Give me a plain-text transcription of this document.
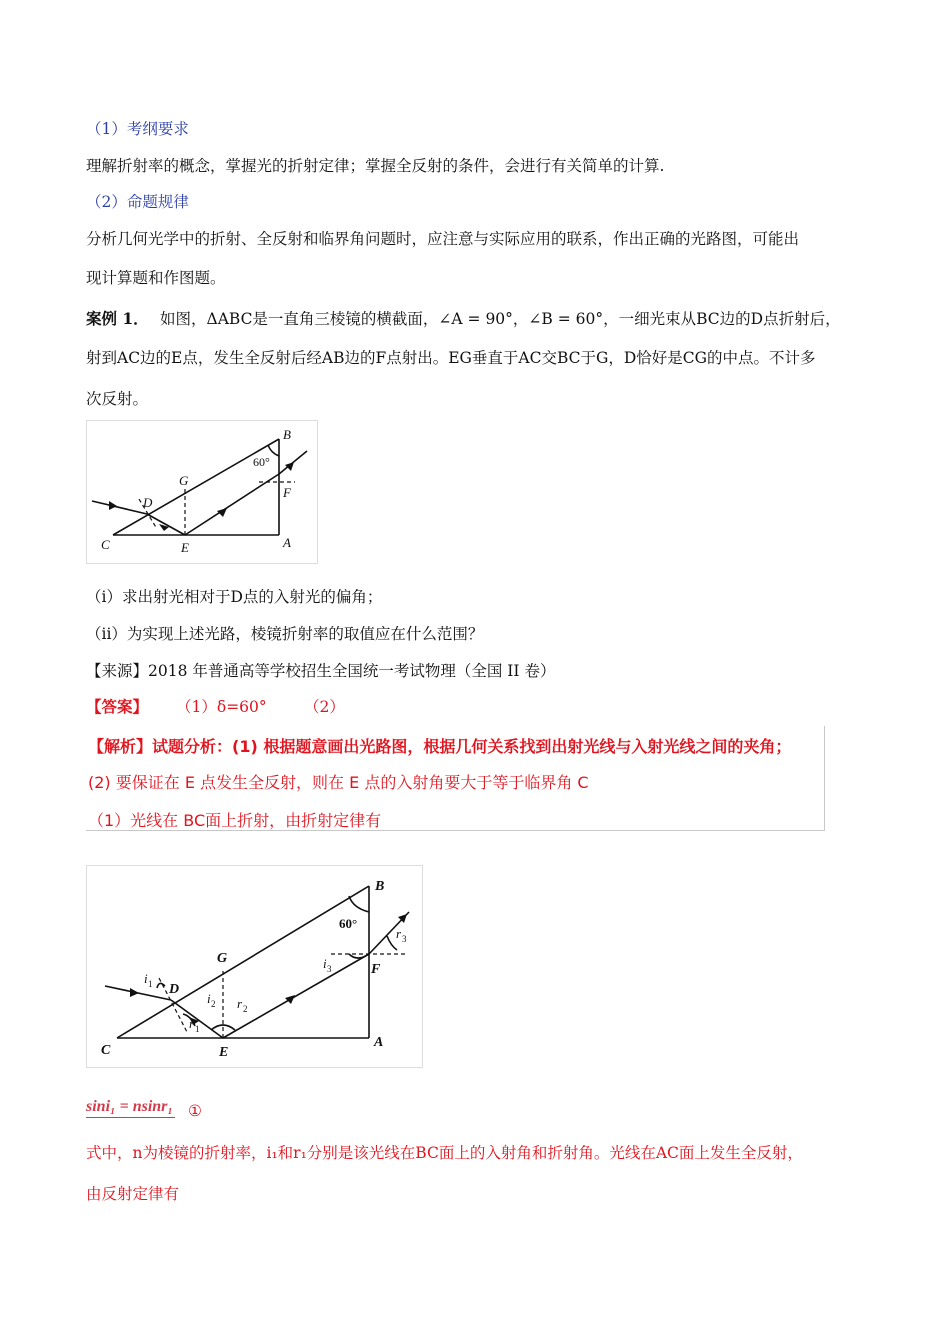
（1）考纲要求
理解折射率的概念，掌握光的折射定律；掌握全反射的条件，会进行有关简单的计算.
（2）命题规律
分析几何光学中的折射、全反射和临界角问题时，应注意与实际应用的联系，作出正确的光路图，可能出
现计算题和作图题。
案例 1． 如图，ΔABC是一直角三棱镜的横截面，∠A = 90°，∠B = 60°，一细光束从BC边的D点折射后，
射到AC边的E点，发生全反射后经AB边的F点射出。EG垂直于AC交BC于G，D恰好是CG的中点。不计多
次反射。
C	E	A
B
G
F
D
60°
（i）求出射光相对于D点的入射光的偏角；
（ii）为实现上述光路，棱镜折射率的取值应在什么范围？
【来源】2018 年普通高等学校招生全国统一考试物理（全国 II 卷）
【答案】 （1）δ=60° （2）
【解析】试题分析：(1) 根据题意画出光路图，根据几何关系找到出射光线与入射光线之间的夹角；
(2) 要保证在 E 点发生全反射，则在 E 点的入射角要大于等于临界角 C
（1）光线在 BC面上折射，由折射定律有
C	E
A
B
G
F
D
60°
i 1
r 1
i 2 r 2
i 3
r 3
sini₁ = nsinr₁ ①
式中，n为棱镜的折射率，i₁和r₁分别是该光线在BC面上的入射角和折射角。光线在AC面上发生全反射，
由反射定律有
